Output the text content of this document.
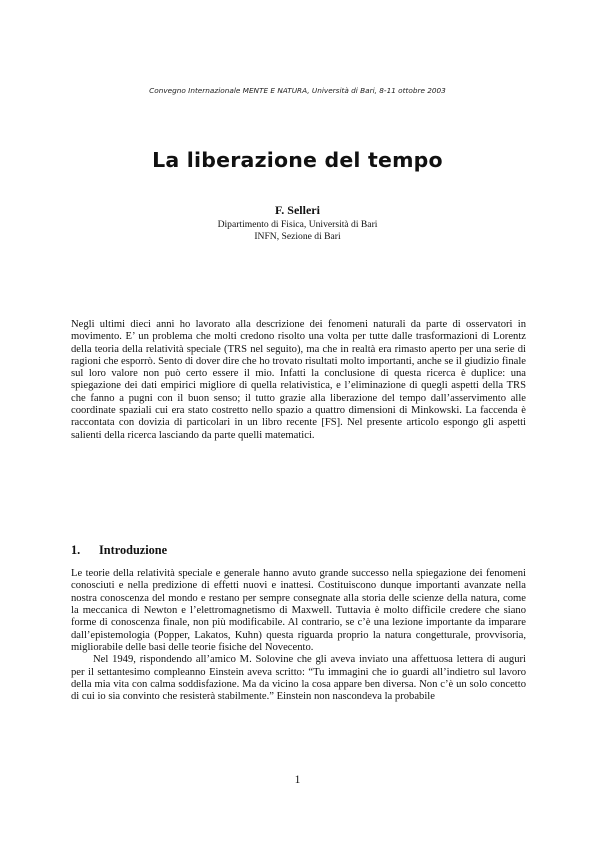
Convegno Internazionale MENTE E NATURA, Università di Bari, 8-11 ottobre 2003
La liberazione del tempo
F. Selleri
Dipartimento di Fisica, Università di Bari
INFN, Sezione di Bari

Negli ultimi dieci anni ho lavorato alla descrizione dei fenomeni naturali da parte di osservatori in movimento. E’ un problema che molti credono risolto una volta per tutte dalle trasformazioni di Lorentz della teoria della relatività speciale (TRS nel seguito), ma che in realtà era rimasto aperto per una serie di ragioni che esporrò. Sento di dover dire che ho trovato risultati molto importanti, anche se il giudizio finale sul loro valore non può certo essere il mio. Infatti la conclusione di questa ricerca è duplice: una spiegazione dei dati empirici migliore di quella relativistica, e l’eliminazione di quegli aspetti della TRS che fanno a pugni con il buon senso; il tutto grazie alla liberazione del tempo dall’asservimento alle coordinate spaziali cui era stato costretto nello spazio a quattro dimensioni di Minkowski. La faccenda è raccontata con dovizia di particolari in un libro recente [FS]. Nel presente articolo espongo gli aspetti salienti della ricerca lasciando da parte quelli matematici.

1. Introduzione

Le teorie della relatività speciale e generale hanno avuto grande successo nella spiegazione dei fenomeni conosciuti e nella predizione di effetti nuovi e inattesi. Costituiscono dunque importanti avanzate nella nostra conoscenza del mondo e restano per sempre consegnate alla storia delle scienze della natura, come la meccanica di Newton e l’elettromagnetismo di Maxwell. Tuttavia è molto difficile credere che siano forme di conoscenza finale, non più modificabile. Al contrario, se c’è una lezione importante da imparare dall’epistemologia (Popper, Lakatos, Kuhn) questa riguarda proprio la natura congetturale, provvisoria, migliorabile delle basi delle teorie fisiche del Novecento.

Nel 1949, rispondendo all’amico M. Solovine che gli aveva inviato una affettuosa lettera di auguri per il settantesimo compleanno Einstein aveva scritto: “Tu immagini che io guardi all’indietro sul lavoro della mia vita con calma soddisfazione. Ma da vicino la cosa appare ben diversa. Non c’è un solo concetto di cui io sia convinto che resisterà stabilmente.” Einstein non nascondeva la probabile

1
